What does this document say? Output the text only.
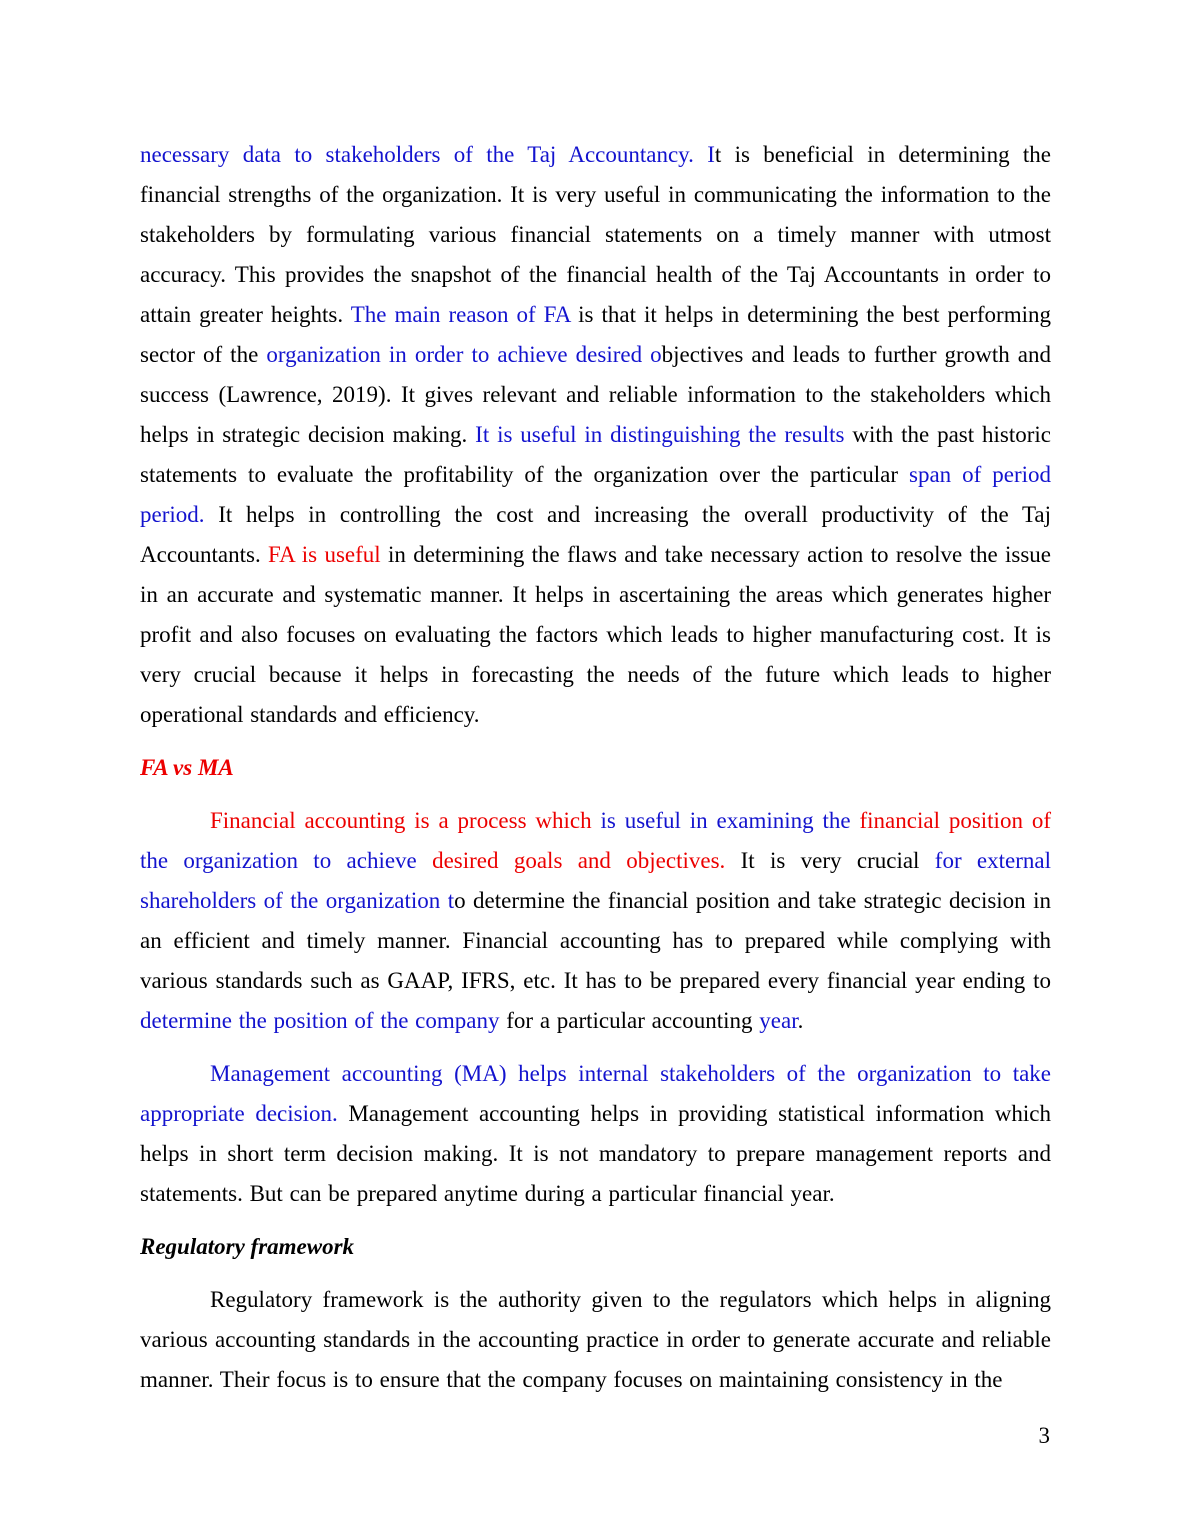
necessary data to stakeholders of the Taj Accountancy. It is beneficial in determining the financial strengths of the organization. It is very useful in communicating the information to the stakeholders by formulating various financial statements on a timely manner with utmost accuracy. This provides the snapshot of the financial health of the Taj Accountants in order to attain greater heights. The main reason of FA is that it helps in determining the best performing sector of the organization in order to achieve desired objectives and leads to further growth and success (Lawrence, 2019). It gives relevant and reliable information to the stakeholders which helps in strategic decision making. It is useful in distinguishing the results with the past historic statements to evaluate the profitability of the organization over the particular span of period period. It helps in controlling the cost and increasing the overall productivity of the Taj Accountants. FA is useful in determining the flaws and take necessary action to resolve the issue in an accurate and systematic manner. It helps in ascertaining the areas which generates higher profit and also focuses on evaluating the factors which leads to higher manufacturing cost. It is very crucial because it helps in forecasting the needs of the future which leads to higher operational standards and efficiency.

FA vs MA

Financial accounting is a process which is useful in examining the financial position of the organization to achieve desired goals and objectives. It is very crucial for external shareholders of the organization to determine the financial position and take strategic decision in an efficient and timely manner. Financial accounting has to prepared while complying with various standards such as GAAP, IFRS, etc. It has to be prepared every financial year ending to determine the position of the company for a particular accounting year.

Management accounting (MA) helps internal stakeholders of the organization to take appropriate decision. Management accounting helps in providing statistical information which helps in short term decision making. It is not mandatory to prepare management reports and statements. But can be prepared anytime during a particular financial year.

Regulatory framework

Regulatory framework is the authority given to the regulators which helps in aligning various accounting standards in the accounting practice in order to generate accurate and reliable manner. Their focus is to ensure that the company focuses on maintaining consistency in the

3
